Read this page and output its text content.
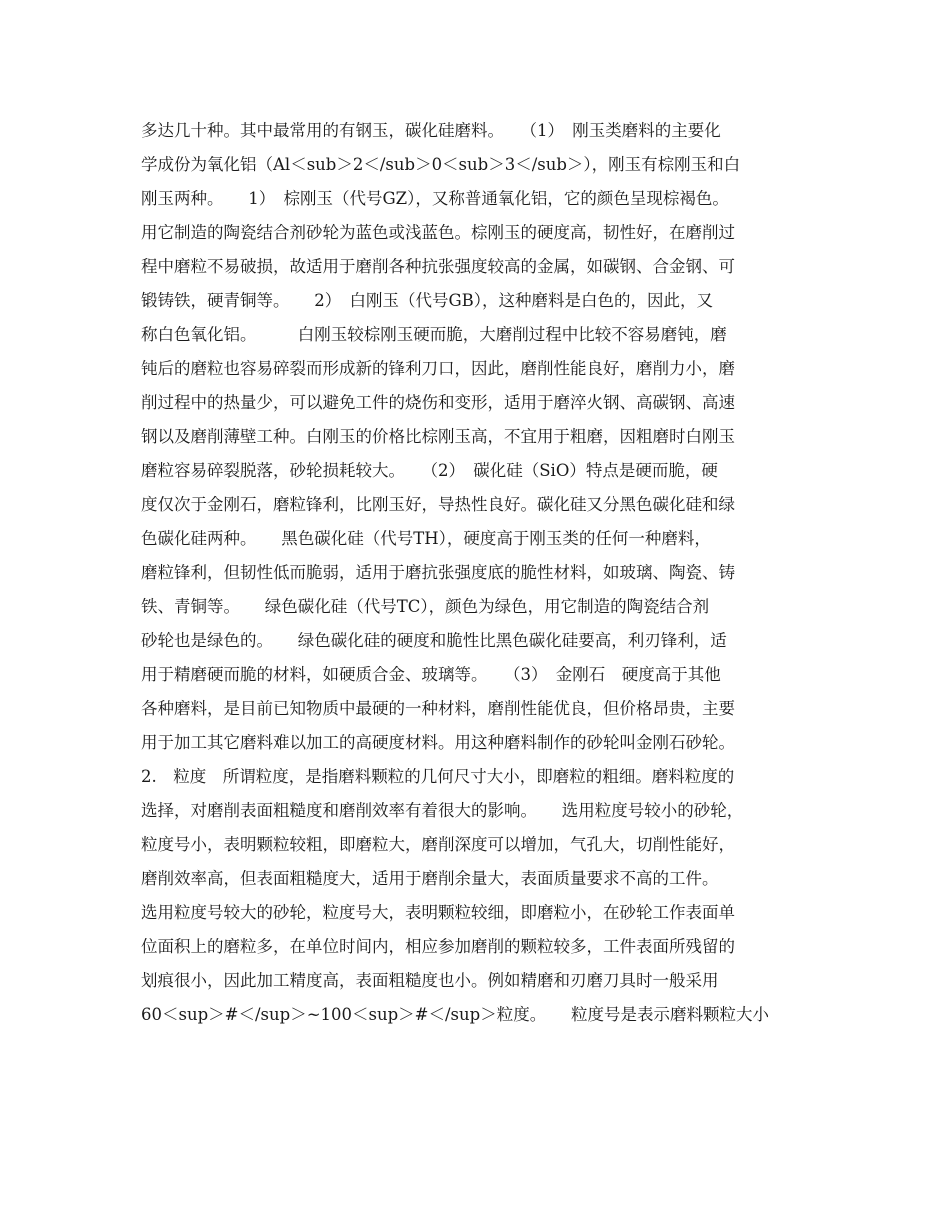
多达几十种。其中最常用的有钢玉，碳化硅磨料。　　（1）　刚玉类磨料的主要化
学成份为氧化铝（Al＜sub＞2＜/sub＞0＜sub＞3＜/sub＞），刚玉有棕刚玉和白
刚玉两种。　　1）　棕刚玉（代号GZ），又称普通氧化铝，它的颜色呈现棕褐色。
用它制造的陶瓷结合剂砂轮为蓝色或浅蓝色。棕刚玉的硬度高，韧性好，在磨削过
程中磨粒不易破损，故适用于磨削各种抗张强度较高的金属，如碳钢、合金钢、可
锻铸铁，硬青铜等。　　2）　白刚玉（代号GB），这种磨料是白色的，因此，又
称白色氧化铝。　　　白刚玉较棕刚玉硬而脆，大磨削过程中比较不容易磨钝，磨
钝后的磨粒也容易碎裂而形成新的锋利刀口，因此，磨削性能良好，磨削力小，磨
削过程中的热量少，可以避免工件的烧伤和变形，适用于磨淬火钢、高碳钢、高速
钢以及磨削薄壁工种。白刚玉的价格比棕刚玉高，不宜用于粗磨，因粗磨时白刚玉
磨粒容易碎裂脱落，砂轮损耗较大。　　（2）　碳化硅（SiO）特点是硬而脆，硬
度仅次于金刚石，磨粒锋利，比刚玉好，导热性良好。碳化硅又分黑色碳化硅和绿
色碳化硅两种。　　黑色碳化硅（代号TH），硬度高于刚玉类的任何一种磨料，
磨粒锋利，但韧性低而脆弱，适用于磨抗张强度底的脆性材料，如玻璃、陶瓷、铸
铁、青铜等。　　绿色碳化硅（代号TC），颜色为绿色，用它制造的陶瓷结合剂
砂轮也是绿色的。　　绿色碳化硅的硬度和脆性比黑色碳化硅要高，利刃锋利，适
用于精磨硬而脆的材料，如硬质合金、玻璃等。　　（3）　金刚石　硬度高于其他
各种磨料，是目前已知物质中最硬的一种材料，磨削性能优良，但价格昂贵，主要
用于加工其它磨料难以加工的高硬度材料。用这种磨料制作的砂轮叫金刚石砂轮。
2.　粒度　所谓粒度，是指磨料颗粒的几何尺寸大小，即磨粒的粗细。磨料粒度的
选择，对磨削表面粗糙度和磨削效率有着很大的影响。　　选用粒度号较小的砂轮，
粒度号小，表明颗粒较粗，即磨粒大，磨削深度可以增加，气孔大，切削性能好，
磨削效率高，但表面粗糙度大，适用于磨削余量大，表面质量要求不高的工件。
选用粒度号较大的砂轮，粒度号大，表明颗粒较细，即磨粒小，在砂轮工作表面单
位面积上的磨粒多，在单位时间内，相应参加磨削的颗粒较多，工件表面所残留的
划痕很小，因此加工精度高，表面粗糙度也小。例如精磨和刃磨刀具时一般采用
60＜sup＞#＜/sup＞~100＜sup＞#＜/sup＞粒度。　　粒度号是表示磨料颗粒大小
